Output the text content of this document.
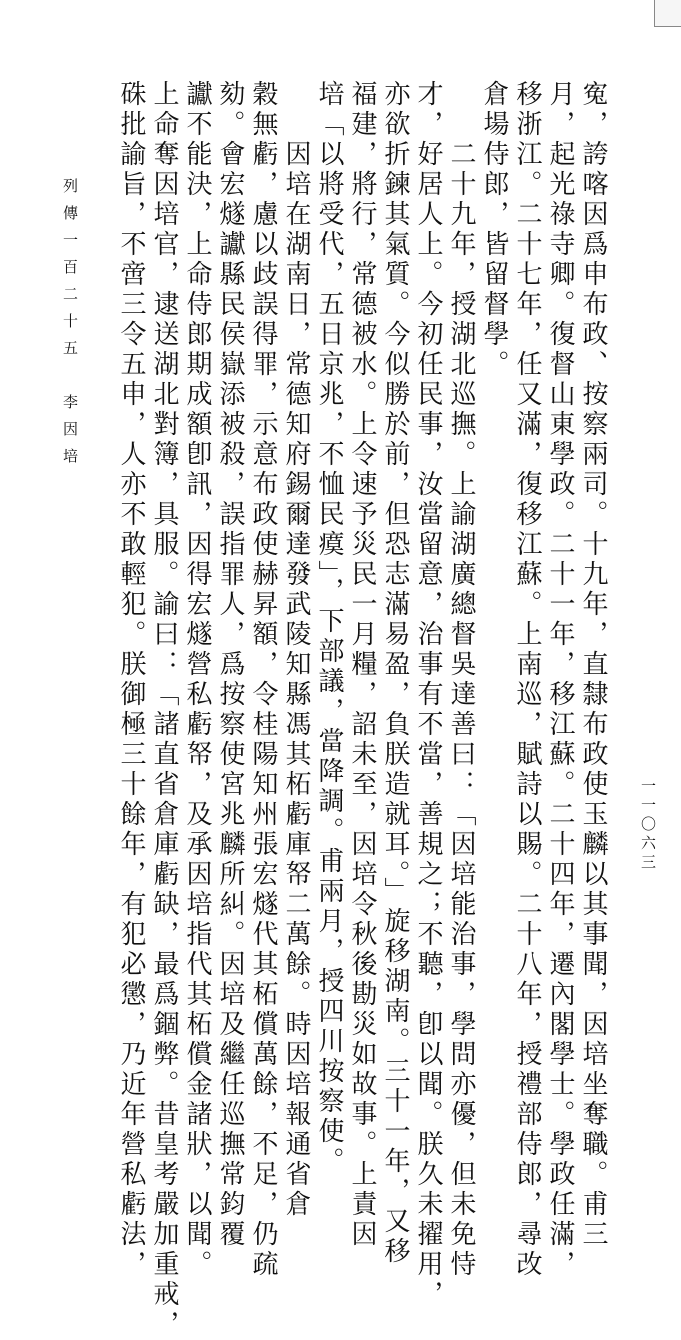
寃，誇喀因爲申布政、按察兩司。十九年，直隸布政使玉麟以其事聞，因培坐奪職。甫三

月，起光祿寺卿。復督山東學政。二十一年，移江蘇。二十四年，遷內閣學士。學政任滿，

移浙江。二十七年，任又滿，復移江蘇。上南巡，賦詩以賜。二十八年，授禮部侍郎，尋改

倉場侍郎，皆留督學。

二十九年，授湖北巡撫。上諭湖廣總督吳達善曰：「因培能治事，學問亦優，但未免恃

才，好居人上。今初任民事，汝當留意，治事有不當，善規之；不聽，卽以聞。朕久未擢用，

亦欲折鍊其氣質。今似勝於前，但恐志滿易盈，負朕造就耳。」旋移湖南。三十一年，又移

福建，將行，常德被水。上令速予災民一月糧，詔未至，因培令秋後勘災如故事。上責因

培「以將受代，五日京兆，不恤民瘼」，下部議，當降調。甫兩月，授四川按察使。

因培在湖南日，常德知府錫爾達發武陵知縣馮其柘虧庫帑二萬餘。時因培報通省倉

穀無虧，慮以歧誤得罪，示意布政使赫昇額，令桂陽知州張宏燧代其柘償萬餘，不足，仍疏

劾。會宏燧讞縣民侯嶽添被殺，誤指罪人，爲按察使宮兆麟所糾。因培及繼任巡撫常鈞覆

讞不能決，上命侍郎期成額卽訊，因得宏燧營私虧帑，及承因培指代其柘償金諸狀，以聞。

上命奪因培官，逮送湖北對簿，具服。諭曰：「諸直省倉庫虧缺，最爲錮弊。昔皇考嚴加重戒，

硃批諭旨，不啻三令五申，人亦不敢輕犯。朕御極三十餘年，有犯必懲，乃近年營私虧法，

列傳一百二十五　李因培

一一〇六三
